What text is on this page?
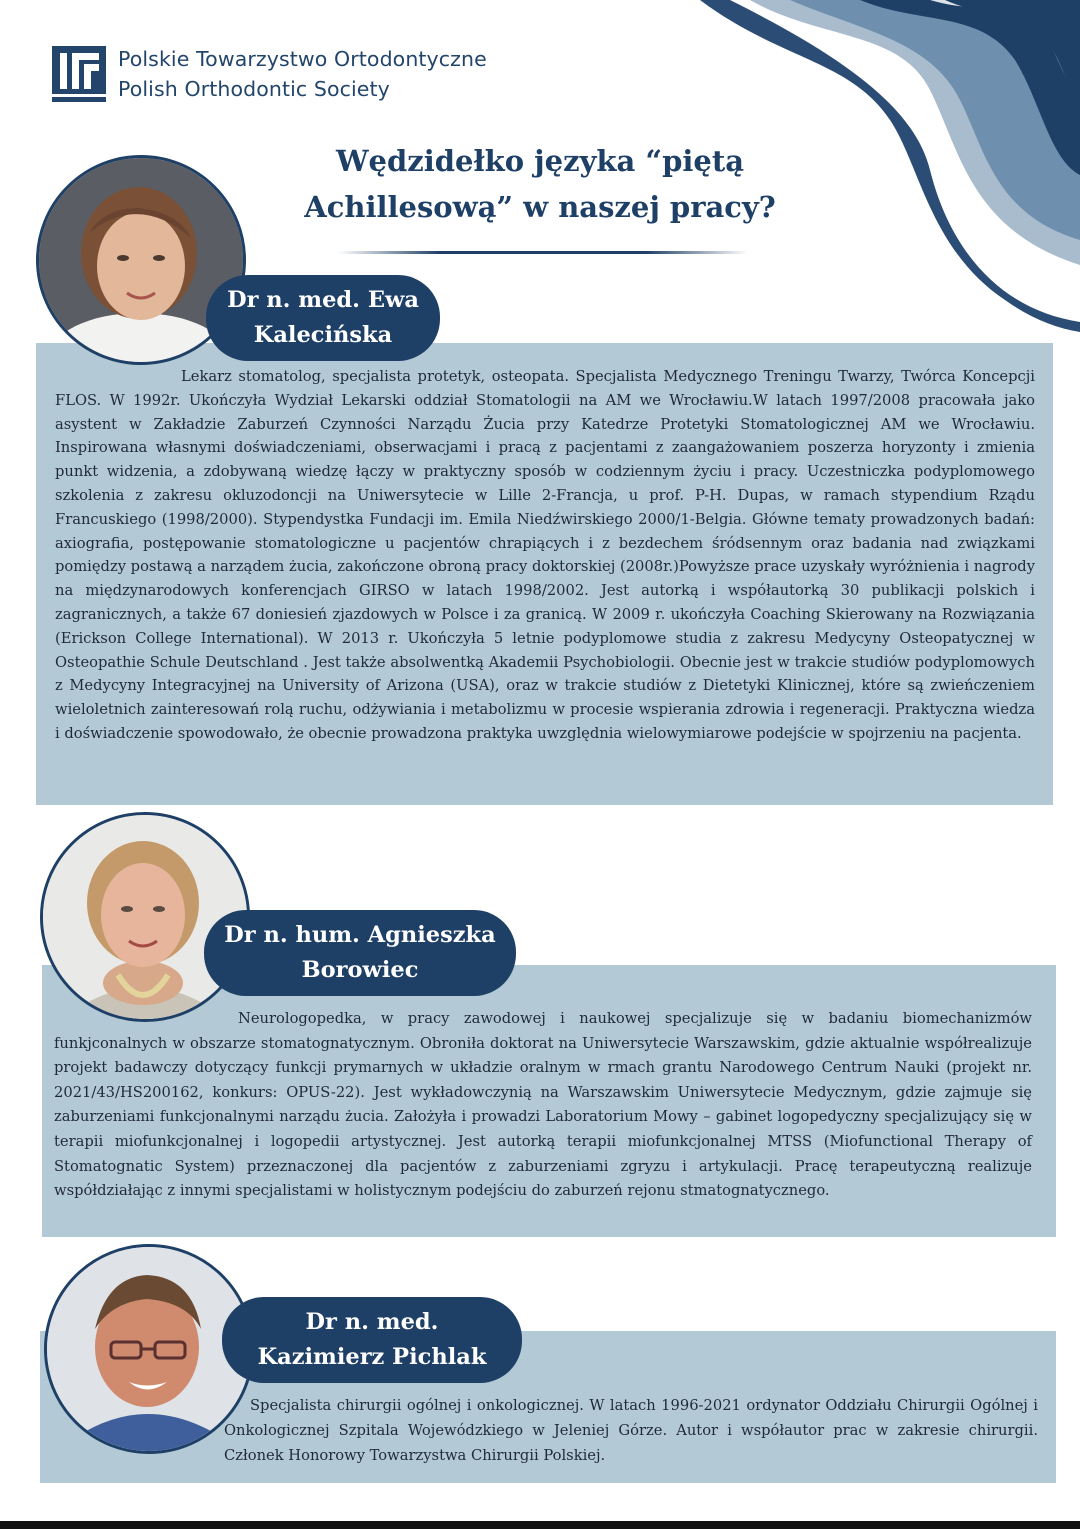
Polskie Towarzystwo Ortodontyczne
Polish Orthodontic Society
Wędzidełko języka “piętą Achillesową” w naszej pracy?

Lekarz stomatolog, specjalista protetyk, osteopata. Specjalista Medycznego Treningu Twarzy, Twórca Koncepcji FLOS. W 1992r. Ukończyła Wydział Lekarski oddział Stomatologii na AM we Wrocławiu.W latach 1997/2008 pracowała jako asystent w Zakładzie Zaburzeń Czynności Narządu Żucia przy Katedrze Protetyki Stomatologicznej AM we Wrocławiu. Inspirowana własnymi doświadczeniami, obserwacjami i pracą z pacjentami z zaangażowaniem poszerza horyzonty i zmienia punkt widzenia, a zdobywaną wiedzę łączy w praktyczny sposób w codziennym życiu i pracy. Uczestniczka podyplomowego szkolenia z zakresu okluzodoncji na Uniwersytecie w Lille 2-Francja, u prof. P-H. Dupas, w ramach stypendium Rządu Francuskiego (1998/2000). Stypendystka Fundacji im. Emila Niedźwirskiego 2000/1-Belgia. Główne tematy prowadzonych badań: axiografia, postępowanie stomatologiczne u pacjentów chrapiących i z bezdechem śródsennym oraz badania nad związkami pomiędzy postawą a narządem żucia, zakończone obroną pracy doktorskiej (2008r.)Powyższe prace uzyskały wyróżnienia i nagrody na międzynarodowych konferencjach GIRSO w latach 1998/2002. Jest autorką i współautorką 30 publikacji polskich i zagranicznych, a także 67 doniesień zjazdowych w Polsce i za granicą. W 2009 r. ukończyła Coaching Skierowany na Rozwiązania (Erickson College International). W 2013 r. Ukończyła 5 letnie podyplomowe studia z zakresu Medycyny Osteopatycznej w Osteopathie Schule Deutschland . Jest także absolwentką Akademii Psychobiologii. Obecnie jest w trakcie studiów podyplomowych z Medycyny Integracyjnej na University of Arizona (USA), oraz w trakcie studiów z Dietetyki Klinicznej, które są zwieńczeniem wieloletnich zainteresowań rolą ruchu, odżywiania i metabolizmu w procesie wspierania zdrowia i regeneracji. Praktyczna wiedza i doświadczenie spowodowało, że obecnie prowadzona praktyka uwzględnia wielowymiarowe podejście w spojrzeniu na pacjenta.

Dr n. med. Ewa Kalecińska

Neurologopedka, w pracy zawodowej i naukowej specjalizuje się w badaniu biomechanizmów funkjconalnych w obszarze stomatognatycznym. Obroniła doktorat na Uniwersytecie Warszawskim, gdzie aktualnie współrealizuje projekt badawczy dotyczący funkcji prymarnych w układzie oralnym w rmach grantu Narodowego Centrum Nauki (projekt nr. 2021/43/HS200162, konkurs: OPUS-22). Jest wykładowczynią na Warszawskim Uniwersytecie Medycznym, gdzie zajmuje się zaburzeniami funkcjonalnymi narządu żucia. Założyła i prowadzi Laboratorium Mowy – gabinet logopedyczny specjalizujący się w terapii miofunkcjonalnej i logopedii artystycznej. Jest autorką terapii miofunkcjonalnej MTSS (Miofunctional Therapy of Stomatognatic System) przeznaczonej dla pacjentów z zaburzeniami zgryzu i artykulacji. Pracę terapeutyczną realizuje współdziałając z innymi specjalistami w holistycznym podejściu do zaburzeń rejonu stmatognatycznego.

Dr n. hum. Agnieszka Borowiec

Specjalista chirurgii ogólnej i onkologicznej. W latach 1996-2021 ordynator Oddziału Chirurgii Ogólnej i Onkologicznej Szpitala Wojewódzkiego w Jeleniej Górze. Autor i współautor prac w zakresie chirurgii. Członek Honorowy Towarzystwa Chirurgii Polskiej.

Dr n. med. Kazimierz Pichlak
